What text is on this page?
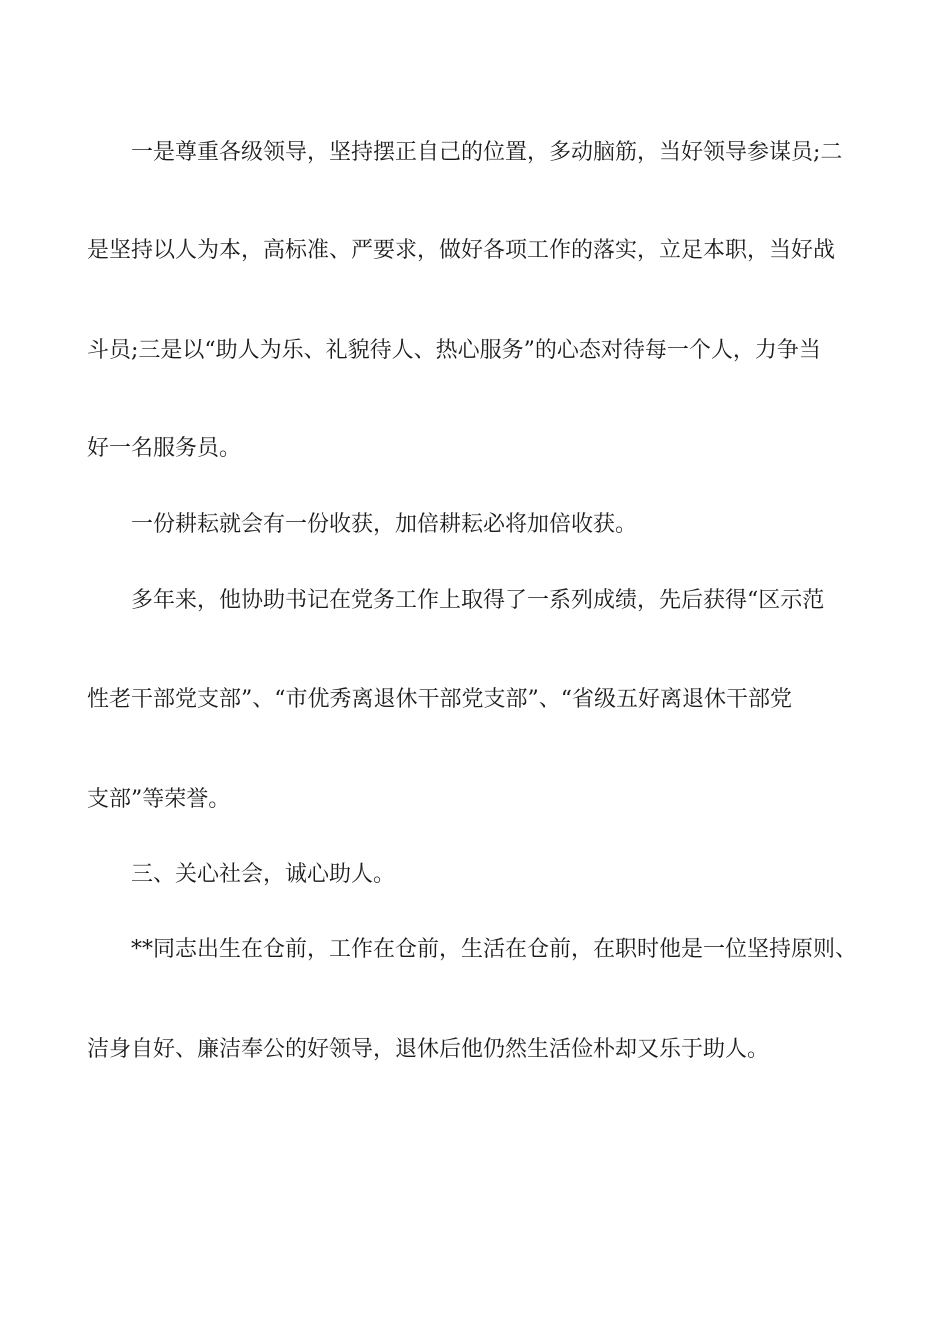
一是尊重各级领导，坚持摆正自己的位置，多动脑筋，当好领导参谋员;二
是坚持以人为本，高标准、严要求，做好各项工作的落实，立足本职，当好战
斗员;三是以“助人为乐、礼貌待人、热心服务”的心态对待每一个人，力争当
好一名服务员。
一份耕耘就会有一份收获，加倍耕耘必将加倍收获。
多年来，他协助书记在党务工作上取得了一系列成绩，先后获得“区示范
性老干部党支部”、“市优秀离退休干部党支部”、“省级五好离退休干部党
支部”等荣誉。
三、关心社会，诚心助人。
**同志出生在仓前，工作在仓前，生活在仓前，在职时他是一位坚持原则、
洁身自好、廉洁奉公的好领导，退休后他仍然生活俭朴却又乐于助人。
